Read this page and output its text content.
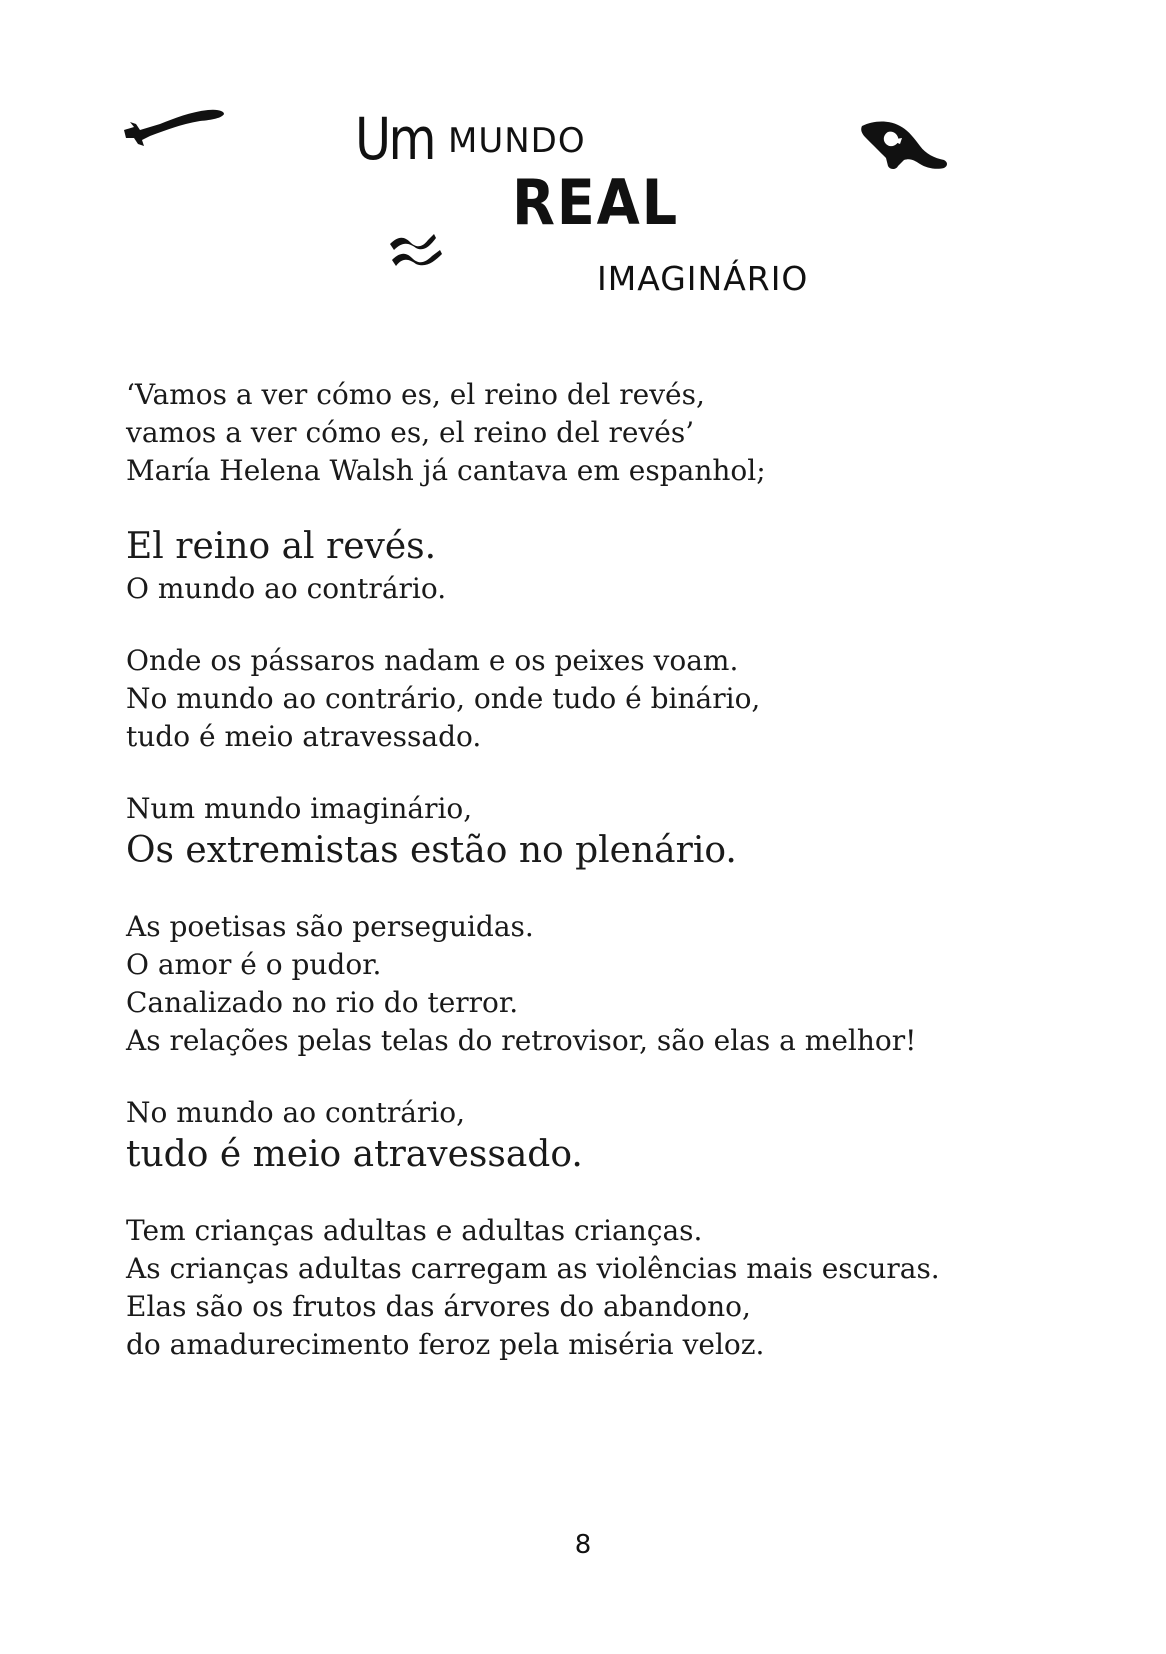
Um MUNDO
REAL
IMAGINÁRIO
‘Vamos a ver cómo es, el reino del revés,
vamos a ver cómo es, el reino del revés’
María Helena Walsh já cantava em espanhol;
El reino al revés.
O mundo ao contrário.
Onde os pássaros nadam e os peixes voam.
No mundo ao contrário, onde tudo é binário,
tudo é meio atravessado.
Num mundo imaginário,
Os extremistas estão no plenário.
As poetisas são perseguidas.
O amor é o pudor.
Canalizado no rio do terror.
As relações pelas telas do retrovisor, são elas a melhor!
No mundo ao contrário,
tudo é meio atravessado.
Tem crianças adultas e adultas crianças.
As crianças adultas carregam as violências mais escuras.
Elas são os frutos das árvores do abandono,
do amadurecimento feroz pela miséria veloz.
8
